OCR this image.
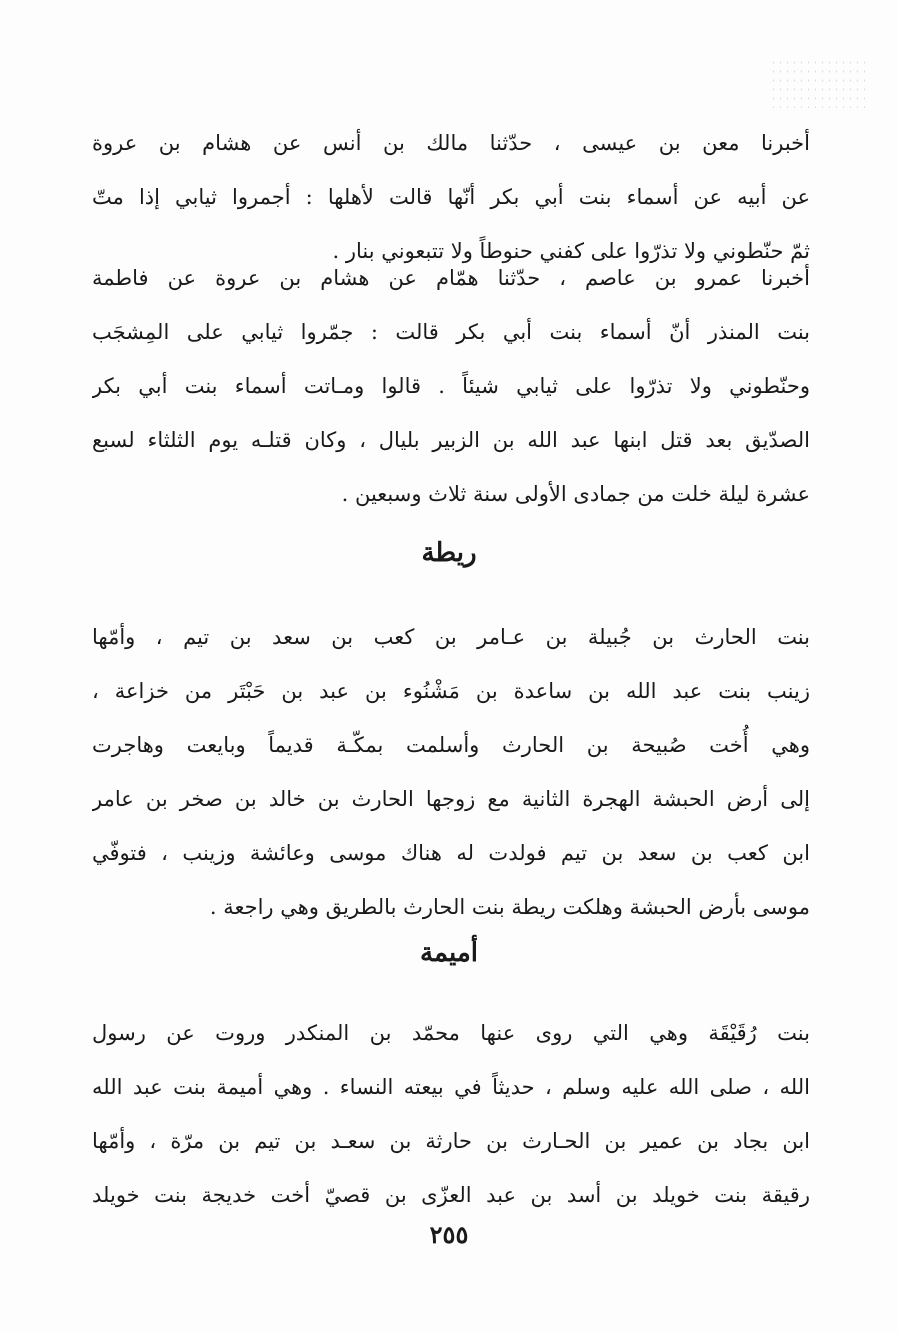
أخبرنا معن بن عيسى ، حدّثنا مالك بن أنس عن هشام بن عروة
عن أبيه عن أسماء بنت أبي بكر أنّها قالت لأهلها : أجمروا ثيابي إذا متّ
ثمّ حنّطوني ولا تذرّوا على كفني حنوطاً ولا تتبعوني بنار .
أخبرنا عمرو بن عاصم ، حدّثنا همّام عن هشام بن عروة عن فاطمة
بنت المنذر أنّ أسماء بنت أبي بكر قالت : جمّروا ثيابي على المِشجَب
وحنّطوني ولا تذرّوا على ثيابي شيئاً . قالوا ومـاتت أسماء بنت أبي بكر
الصدّيق بعد قتل ابنها عبد الله بن الزبير بليال ، وكان قتلـه يوم الثلثاء لسبع
عشرة ليلة خلت من جمادى الأولى سنة ثلاث وسبعين .
ريطة
بنت الحارث بن جُبيلة بن عـامر بن كعب بن سعد بن تيم ، وأمّها
زينب بنت عبد الله بن ساعدة بن مَشْنُوء بن عبد بن حَبْتَر من خزاعة ،
وهي أُخت صُبيحة بن الحارث وأسلمت بمكّـة قديماً وبايعت وهاجرت
إلى أرض الحبشة الهجرة الثانية مع زوجها الحارث بن خالد بن صخر بن عامر
ابن كعب بن سعد بن تيم فولدت له هناك موسى وعائشة وزينب ، فتوفّي
موسى بأرض الحبشة وهلكت ريطة بنت الحارث بالطريق وهي راجعة .
أميمة
بنت رُقَيْقَة وهي التي روى عنها محمّد بن المنكدر وروت عن رسول
الله ، صلى الله عليه وسلم ، حديثاً في بيعته النساء . وهي أميمة بنت عبد الله
ابن بجاد بن عمير بن الحـارث بن حارثة بن سعـد بن تيم بن مرّة ، وأمّها
رقيقة بنت خويلد بن أسد بن عبد العزّى بن قصيّ أخت خديجة بنت خويلد
٢٥٥
